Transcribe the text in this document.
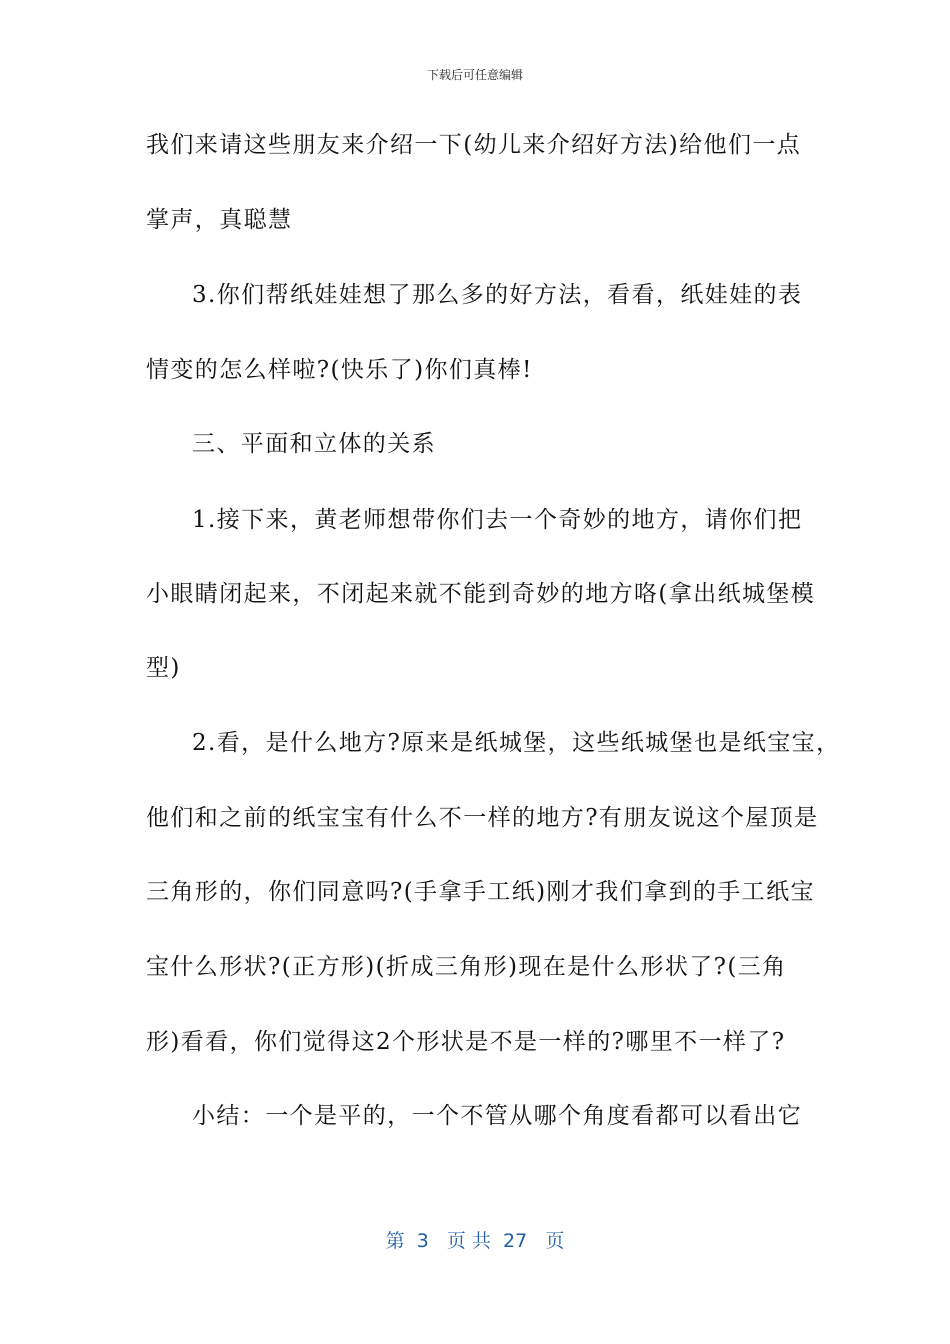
下载后可任意编辑
我们来请这些朋友来介绍一下(幼儿来介绍好方法)给他们一点
掌声，真聪慧
3.你们帮纸娃娃想了那么多的好方法，看看，纸娃娃的表
情变的怎么样啦?(快乐了)你们真棒!
三、平面和立体的关系
1.接下来，黄老师想带你们去一个奇妙的地方，请你们把
小眼睛闭起来，不闭起来就不能到奇妙的地方咯(拿出纸城堡模
型)
2.看，是什么地方?原来是纸城堡，这些纸城堡也是纸宝宝，
他们和之前的纸宝宝有什么不一样的地方?有朋友说这个屋顶是
三角形的，你们同意吗?(手拿手工纸)刚才我们拿到的手工纸宝
宝什么形状?(正方形)(折成三角形)现在是什么形状了?(三角
形)看看，你们觉得这2个形状是不是一样的?哪里不一样了?
小结：一个是平的，一个不管从哪个角度看都可以看出它
第  3   页 共  27   页
